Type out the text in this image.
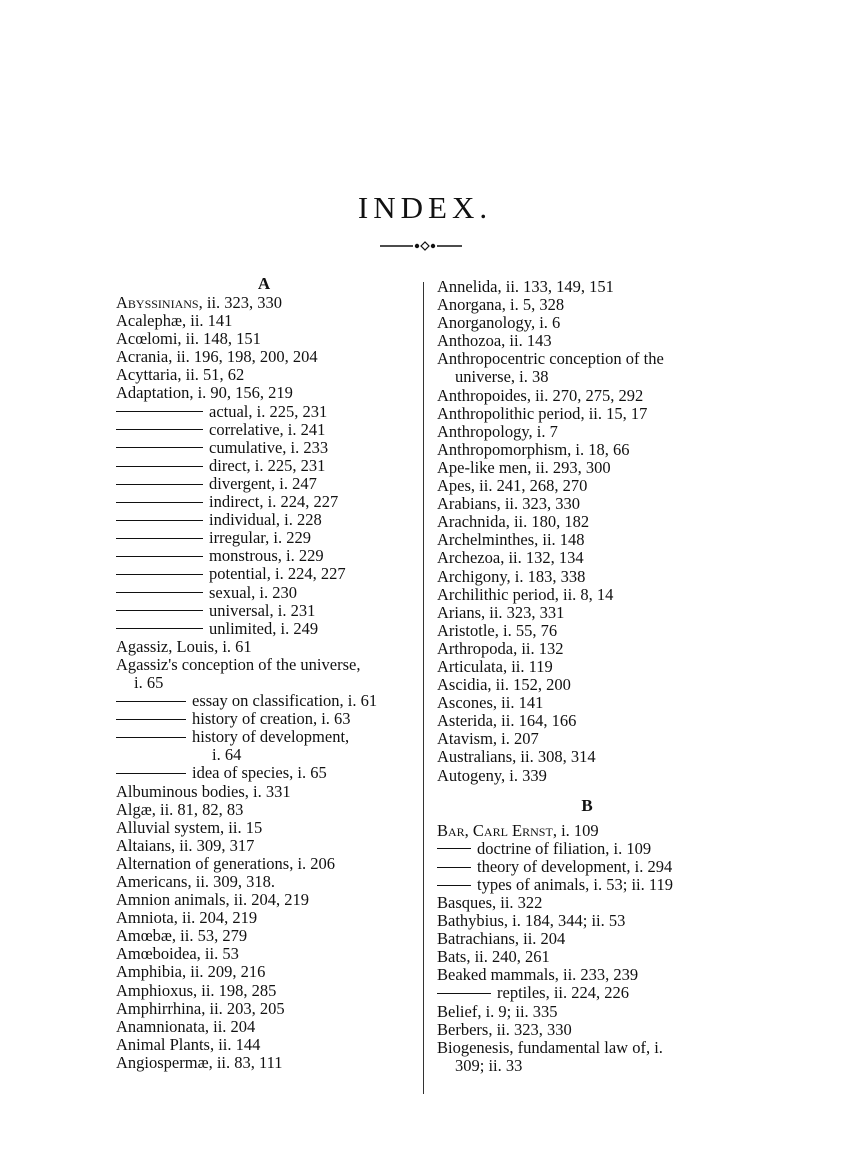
INDEX.
A
Abyssinians, ii. 323, 330
Acalephæ, ii. 141
Acœlomi, ii. 148, 151
Acrania, ii. 196, 198, 200, 204
Acyttaria, ii. 51, 62
Adaptation, i. 90, 156, 219
actual, i. 225, 231
correlative, i. 241
cumulative, i. 233
direct, i. 225, 231
divergent, i. 247
indirect, i. 224, 227
individual, i. 228
irregular, i. 229
monstrous, i. 229
potential, i. 224, 227
sexual, i. 230
universal, i. 231
unlimited, i. 249
Agassiz, Louis, i. 61
Agassiz's conception of the universe,
i. 65
essay on classification, i. 61
history of creation, i. 63
history of development,
i. 64
idea of species, i. 65
Albuminous bodies, i. 331
Algæ, ii. 81, 82, 83
Alluvial system, ii. 15
Altaians, ii. 309, 317
Alternation of generations, i. 206
Americans, ii. 309, 318.
Amnion animals, ii. 204, 219
Amniota, ii. 204, 219
Amœbæ, ii. 53, 279
Amœboidea, ii. 53
Amphibia, ii. 209, 216
Amphioxus, ii. 198, 285
Amphirrhina, ii. 203, 205
Anamnionata, ii. 204
Animal Plants, ii. 144
Angiospermæ, ii. 83, 111
Annelida, ii. 133, 149, 151
Anorgana, i. 5, 328
Anorganology, i. 6
Anthozoa, ii. 143
Anthropocentric conception of the
universe, i. 38
Anthropoides, ii. 270, 275, 292
Anthropolithic period, ii. 15, 17
Anthropology, i. 7
Anthropomorphism, i. 18, 66
Ape-like men, ii. 293, 300
Apes, ii. 241, 268, 270
Arabians, ii. 323, 330
Arachnida, ii. 180, 182
Archelminthes, ii. 148
Archezoa, ii. 132, 134
Archigony, i. 183, 338
Archilithic period, ii. 8, 14
Arians, ii. 323, 331
Aristotle, i. 55, 76
Arthropoda, ii. 132
Articulata, ii. 119
Ascidia, ii. 152, 200
Ascones, ii. 141
Asterida, ii. 164, 166
Atavism, i. 207
Australians, ii. 308, 314
Autogeny, i. 339
B
Bar, Carl Ernst, i. 109
doctrine of filiation, i. 109
theory of development, i. 294
types of animals, i. 53; ii. 119
Basques, ii. 322
Bathybius, i. 184, 344; ii. 53
Batrachians, ii. 204
Bats, ii. 240, 261
Beaked mammals, ii. 233, 239
reptiles, ii. 224, 226
Belief, i. 9; ii. 335
Berbers, ii. 323, 330
Biogenesis, fundamental law of, i.
309; ii. 33
